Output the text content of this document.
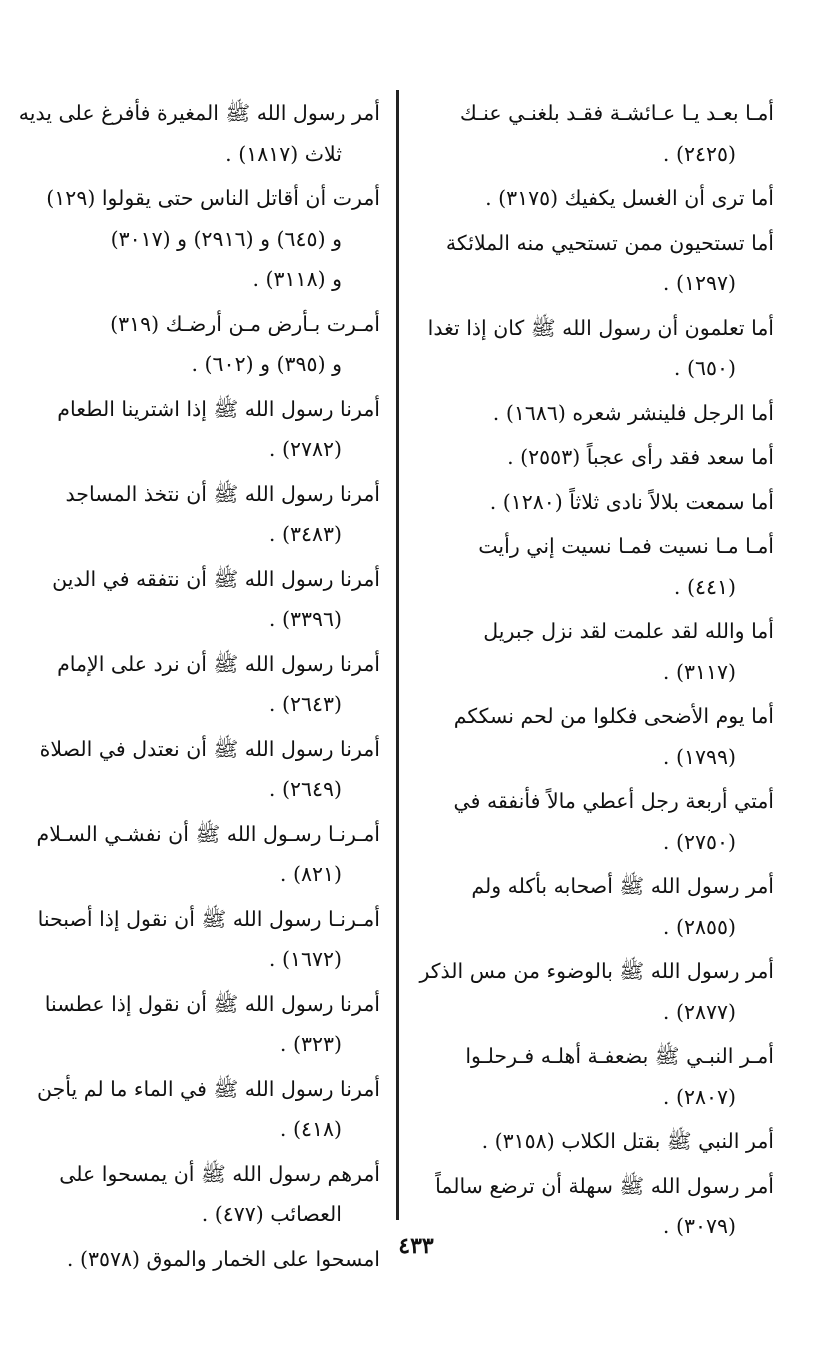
أمـا بعـد يـا عـائشـة فقـد بلغنـي عنـك
(٢٤٢٥) .
أما ترى أن الغسل يكفيك (٣١٧٥) .
أما تستحيون ممن تستحيي منه الملائكة
(١٢٩٧) .
أما تعلمون أن رسول الله ﷺ كان إذا تغدا
(٦٥٠) .
أما الرجل فلينشر شعره (١٦٨٦) .
أما سعد فقد رأى عجباً (٢٥٥٣) .
أما سمعت بلالاً نادى ثلاثاً (١٢٨٠) .
أمـا مـا نسيت فمـا نسيت إني رأيت
(٤٤١) .
أما والله لقد علمت لقد نزل جبريل
(٣١١٧) .
أما يوم الأضحى فكلوا من لحم نسككم
(١٧٩٩) .
أمتي أربعة رجل أعطي مالاً فأنفقه في
(٢٧٥٠) .
أمر رسول الله ﷺ أصحابه بأكله ولم
(٢٨٥٥) .
أمر رسول الله ﷺ بالوضوء من مس الذكر
(٢٨٧٧) .
أمـر النبـي ﷺ بضعفـة أهلـه فـرحلـوا
(٢٨٠٧) .
أمر النبي ﷺ بقتل الكلاب (٣١٥٨) .
أمر رسول الله ﷺ سهلة أن ترضع سالماً
(٣٠٧٩) .
أمر رسول الله ﷺ المغيرة فأفرغ على يديه
ثلاث (١٨١٧) .
أمرت أن أقاتل الناس حتى يقولوا (١٢٩)
و (٦٤٥) و (٢٩١٦) و (٣٠١٧)
و (٣١١٨) .
أمـرت بـأرض مـن أرضـك (٣١٩)
و (٣٩٥) و (٦٠٢) .
أمرنا رسول الله ﷺ إذا اشترينا الطعام
(٢٧٨٢) .
أمرنا رسول الله ﷺ أن نتخذ المساجد
(٣٤٨٣) .
أمرنا رسول الله ﷺ أن نتفقه في الدين
(٣٣٩٦) .
أمرنا رسول الله ﷺ أن نرد على الإمام
(٢٦٤٣) .
أمرنا رسول الله ﷺ أن نعتدل في الصلاة
(٢٦٤٩) .
أمـرنـا رسـول الله ﷺ أن نفشـي السـلام
(٨٢١) .
أمـرنـا رسول الله ﷺ أن نقول إذا أصبحنا
(١٦٧٢) .
أمرنا رسول الله ﷺ أن نقول إذا عطسنا
(٣٢٣) .
أمرنا رسول الله ﷺ في الماء ما لم يأجن
(٤١٨) .
أمرهم رسول الله ﷺ أن يمسحوا على
العصائب (٤٧٧) .
امسحوا على الخمار والموق (٣٥٧٨) . ٤٣٣
